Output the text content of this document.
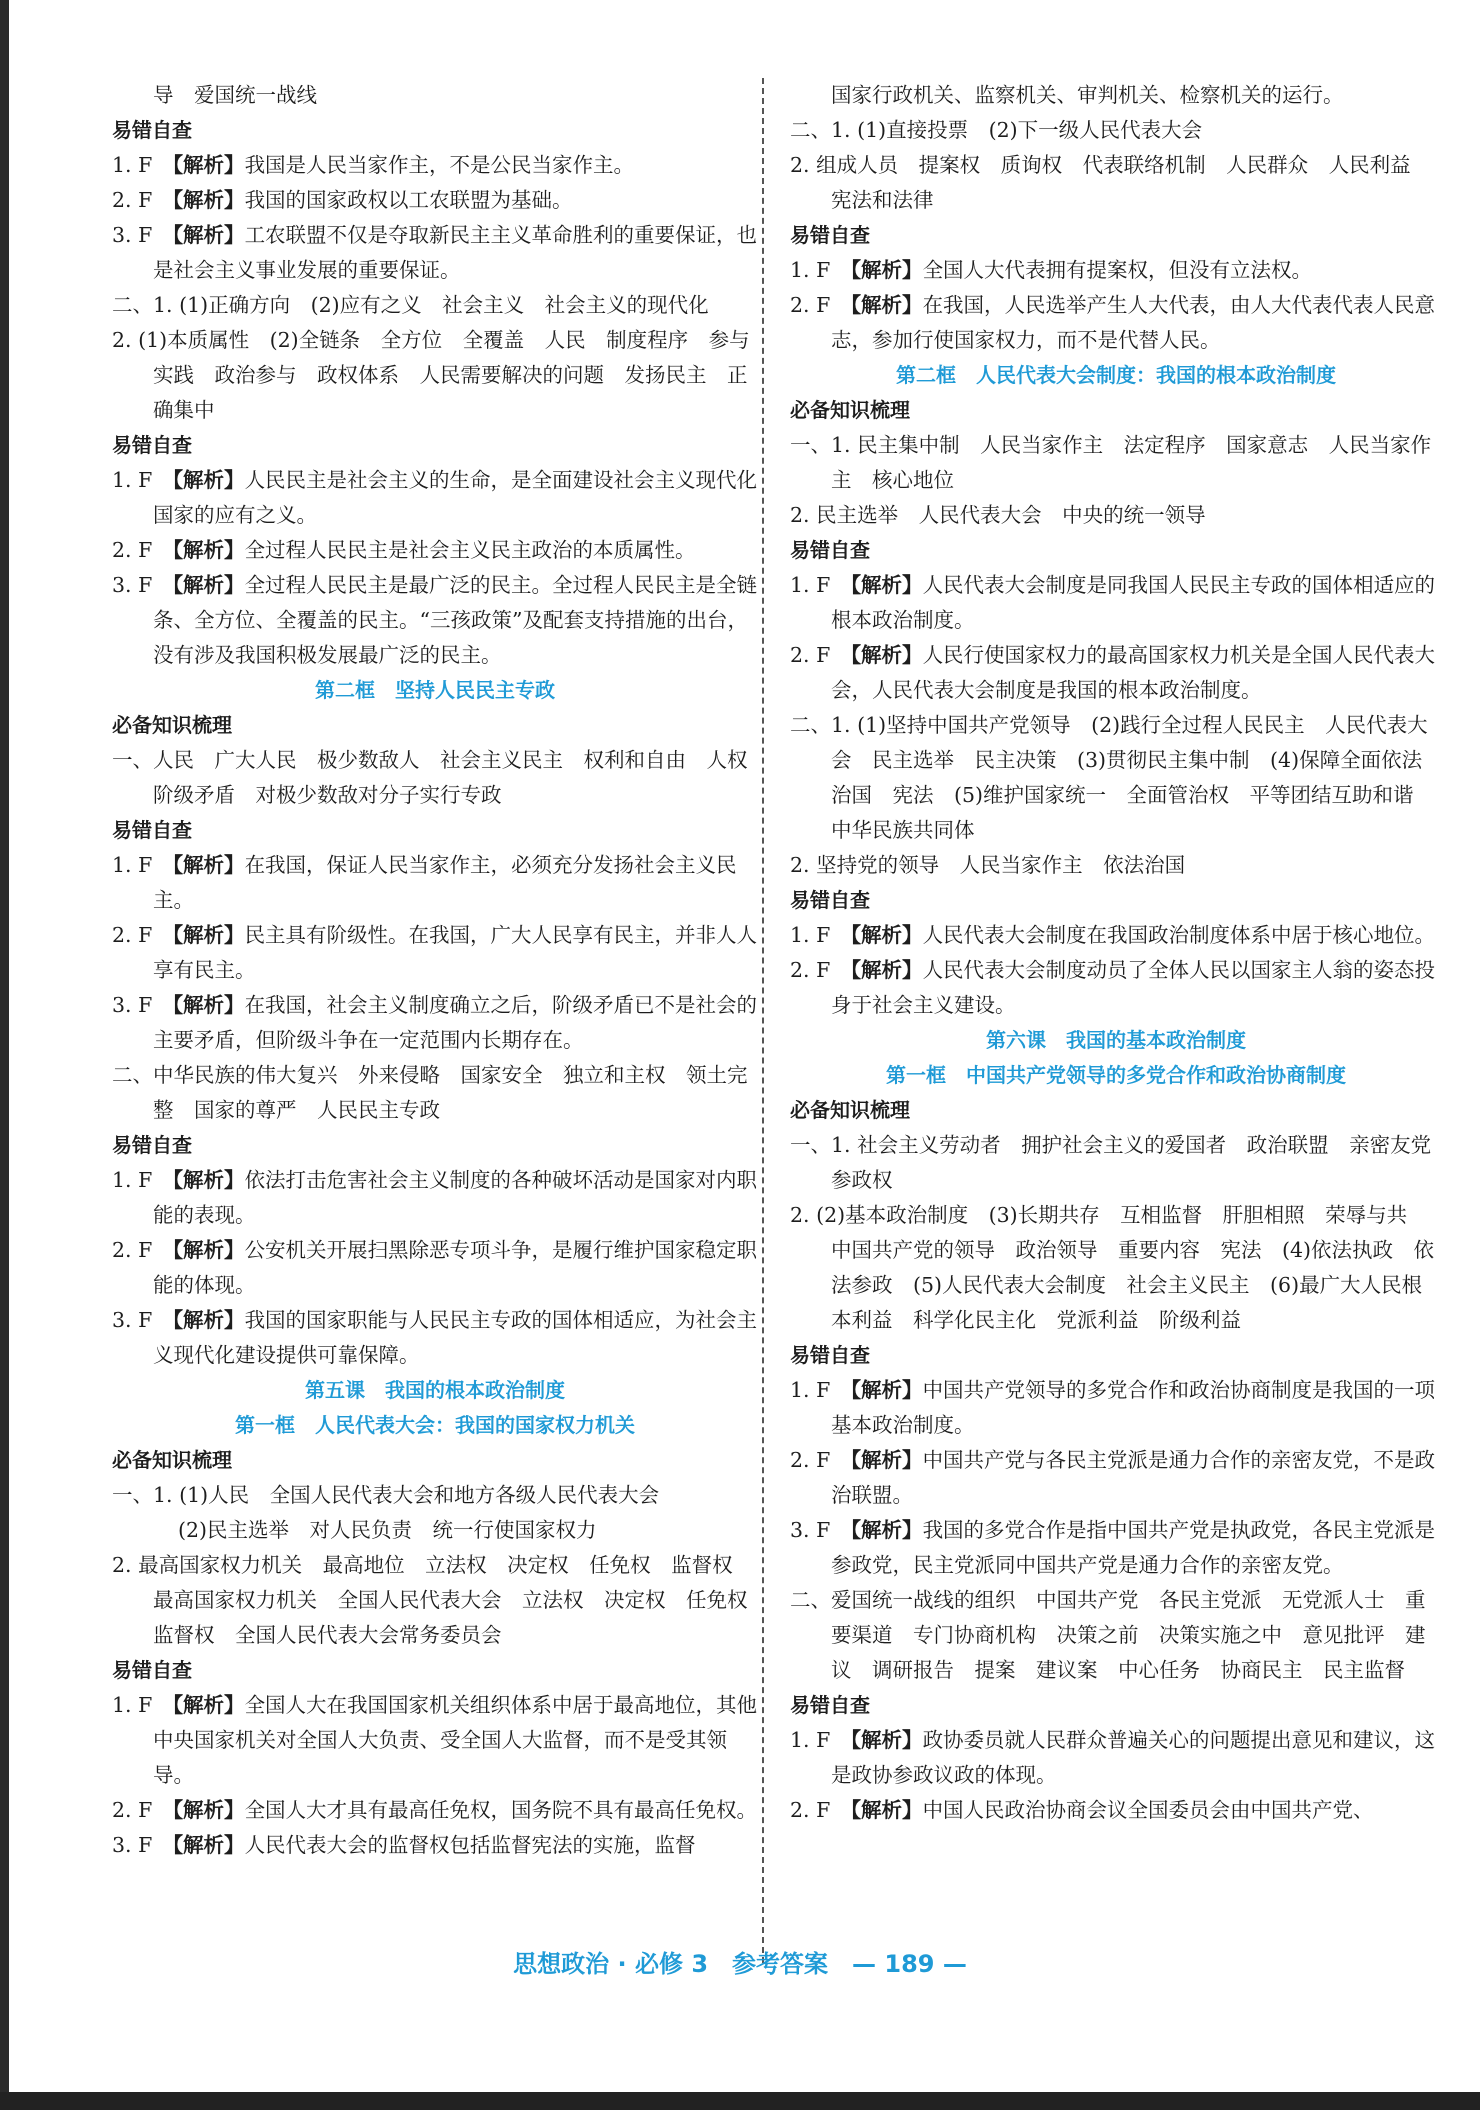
导　爱国统一战线
易错自查
1. F　 【解析】我国是人民当家作主，不是公民当家作主。
2. F　 【解析】我国的国家政权以工农联盟为基础。
3. F　 【解析】工农联盟不仅是夺取新民主主义革命胜利的重要保证，也是社会主义事业发展的重要保证。
二、1. (1)正确方向　(2)应有之义　社会主义　社会主义的现代化
2. (1)本质属性　(2)全链条　全方位　全覆盖　人民　制度程序　参与实践　政治参与　政权体系　人民需要解决的问题　发扬民主　正确集中
易错自查
1. F　 【解析】人民民主是社会主义的生命，是全面建设社会主义现代化国家的应有之义。
2. F　 【解析】全过程人民民主是社会主义民主政治的本质属性。
3. F　 【解析】全过程人民民主是最广泛的民主。全过程人民民主是全链条、全方位、全覆盖的民主。“三孩政策”及配套支持措施的出台，没有涉及我国积极发展最广泛的民主。
第二框　坚持人民民主专政
必备知识梳理
一、人民　广大人民　极少数敌人　社会主义民主　权利和自由　人权　阶级矛盾　对极少数敌对分子实行专政
易错自查
1. F　 【解析】在我国，保证人民当家作主，必须充分发扬社会主义民主。
2. F　 【解析】民主具有阶级性。在我国，广大人民享有民主，并非人人享有民主。
3. F　 【解析】在我国，社会主义制度确立之后，阶级矛盾已不是社会的主要矛盾，但阶级斗争在一定范围内长期存在。
二、中华民族的伟大复兴　外来侵略　国家安全　独立和主权　领土完整　国家的尊严　人民民主专政
易错自查
1. F　 【解析】依法打击危害社会主义制度的各种破坏活动是国家对内职能的表现。
2. F　 【解析】公安机关开展扫黑除恶专项斗争，是履行维护国家稳定职能的体现。
3. F　 【解析】我国的国家职能与人民民主专政的国体相适应，为社会主义现代化建设提供可靠保障。
第五课　我国的根本政治制度
第一框　人民代表大会：我国的国家权力机关
必备知识梳理
一、1. (1)人民　全国人民代表大会和地方各级人民代表大会
(2)民主选举　对人民负责　统一行使国家权力
2. 最高国家权力机关　最高地位　立法权　决定权　任免权　监督权　最高国家权力机关　全国人民代表大会　立法权　决定权　任免权　监督权　全国人民代表大会常务委员会
易错自查
1. F　 【解析】全国人大在我国国家机关组织体系中居于最高地位，其他中央国家机关对全国人大负责、受全国人大监督，而不是受其领导。
2. F　 【解析】全国人大才具有最高任免权，国务院不具有最高任免权。
3. F　 【解析】人民代表大会的监督权包括监督宪法的实施，监督
国家行政机关、监察机关、审判机关、检察机关的运行。
二、1. (1)直接投票　(2)下一级人民代表大会
2. 组成人员　提案权　质询权　代表联络机制　人民群众　人民利益　宪法和法律
易错自查
1. F　 【解析】全国人大代表拥有提案权，但没有立法权。
2. F　 【解析】在我国，人民选举产生人大代表，由人大代表代表人民意志，参加行使国家权力，而不是代替人民。
第二框　人民代表大会制度：我国的根本政治制度
必备知识梳理
一、1. 民主集中制　人民当家作主　法定程序　国家意志　人民当家作主　核心地位
2. 民主选举　人民代表大会　中央的统一领导
易错自查
1. F　 【解析】人民代表大会制度是同我国人民民主专政的国体相适应的根本政治制度。
2. F　 【解析】人民行使国家权力的最高国家权力机关是全国人民代表大会，人民代表大会制度是我国的根本政治制度。
二、1. (1)坚持中国共产党领导　(2)践行全过程人民民主　人民代表大会　民主选举　民主决策　(3)贯彻民主集中制　(4)保障全面依法治国　宪法　(5)维护国家统一　全面管治权　平等团结互助和谐　中华民族共同体
2. 坚持党的领导　人民当家作主　依法治国
易错自查
1. F　 【解析】人民代表大会制度在我国政治制度体系中居于核心地位。
2. F　 【解析】人民代表大会制度动员了全体人民以国家主人翁的姿态投身于社会主义建设。
第六课　我国的基本政治制度
第一框　中国共产党领导的多党合作和政治协商制度
必备知识梳理
一、1. 社会主义劳动者　拥护社会主义的爱国者　政治联盟　亲密友党　参政权
2. (2)基本政治制度　(3)长期共存　互相监督　肝胆相照　荣辱与共　中国共产党的领导　政治领导　重要内容　宪法　(4)依法执政　依法参政　(5)人民代表大会制度　社会主义民主　(6)最广大人民根本利益　科学化民主化　党派利益　阶级利益
易错自查
1. F　 【解析】中国共产党领导的多党合作和政治协商制度是我国的一项基本政治制度。
2. F　 【解析】中国共产党与各民主党派是通力合作的亲密友党，不是政治联盟。
3. F　 【解析】我国的多党合作是指中国共产党是执政党，各民主党派是参政党，民主党派同中国共产党是通力合作的亲密友党。
二、爱国统一战线的组织　中国共产党　各民主党派　无党派人士　重要渠道　专门协商机构　决策之前　决策实施之中　意见批评　建议　调研报告　提案　建议案　中心任务　协商民主　民主监督
易错自查
1. F　 【解析】政协委员就人民群众普遍关心的问题提出意见和建议，这是政协参政议政的体现。
2. F　 【解析】中国人民政治协商会议全国委员会由中国共产党、
思想政治 · 必修 3　参考答案　— 189 —
